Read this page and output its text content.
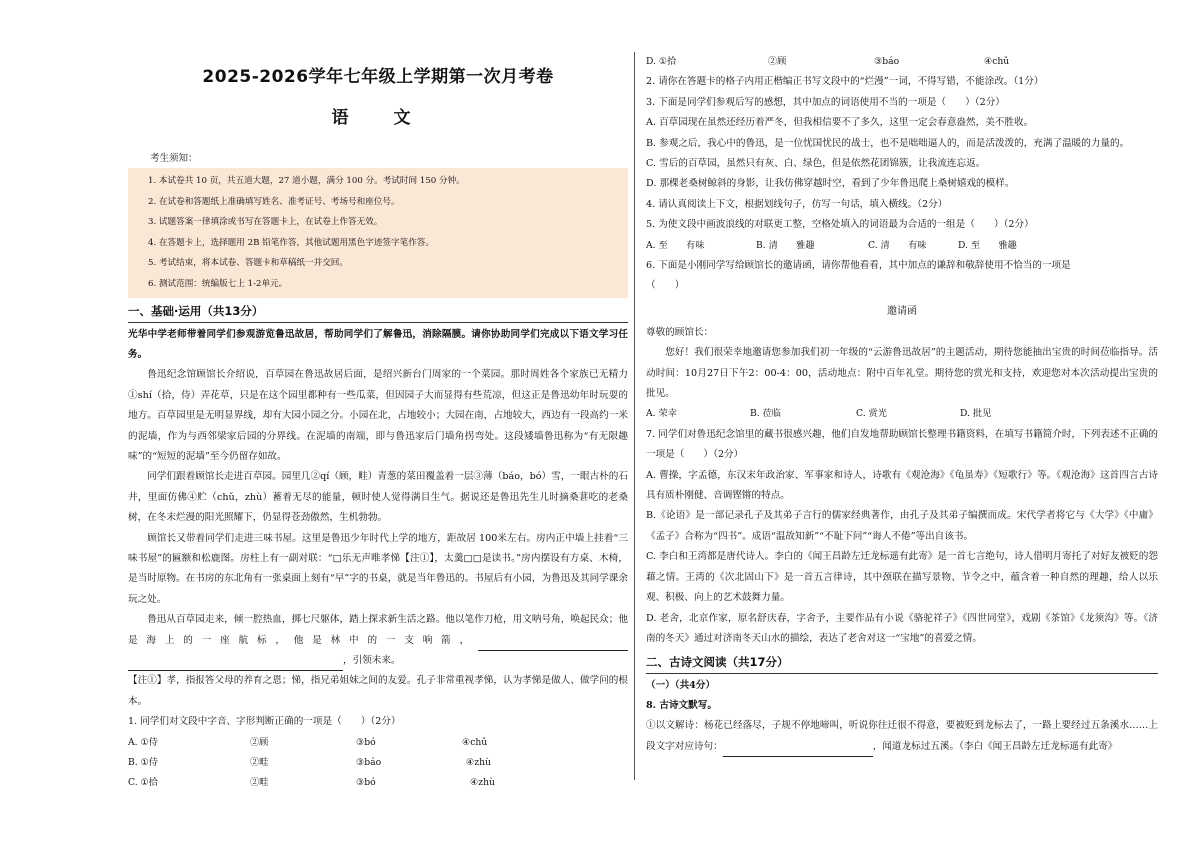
2025-2026学年七年级上学期第一次月考卷
语　文
考生须知：
1. 本试卷共 10 页，共五道大题，27 道小题，满分 100 分。考试时间 150 分钟。
2. 在试卷和答题纸上准确填写姓名、准考证号、考场号和座位号。
3. 试题答案一律填涂或书写在答题卡上，在试卷上作答无效。
4. 在答题卡上，选择题用 2B 铅笔作答，其他试题用黑色字迹签字笔作答。
5. 考试结束，将本试卷、答题卡和草稿纸一并交回。
6. 测试范围：统编版七上 1-2单元。
一、基础·运用（共13分）
光华中学老师带着同学们参观游览鲁迅故居，帮助同学们了解鲁迅，消除隔膜。请你协助同学们完成以下语文学习任务。
鲁迅纪念馆顾馆长介绍说，百草园在鲁迅故居后面，是绍兴新台门周家的一个菜园。那时周姓各个家族已无精力①shí（拾，侍）弄花草，只是在这个园里都种有一些瓜菜，但因园子大而显得有些荒凉，但这正是鲁迅幼年时玩耍的地方。百草园里是无明显界线，却有大园小园之分。小园在北，占地较小；大园在南，占地较大，西边有一段高约一米的泥墙，作为与西邻梁家后园的分界线。在泥墙的南端，即与鲁迅家后门墙角拐弯处。这段矮墙鲁迅称为“有无限趣味”的“短短的泥墙”至今仍留存如故。
同学们跟着顾馆长走进百草园。园里几②qí（顾，畦）青葱的菜田覆盖着一层③薄（báo，bó）雪，一眼古朴的石井，里面仿佛④贮（chǔ，zhù）蓄着无尽的能量，顿时使人觉得满目生气。据说还是鲁迅先生儿时摘桑葚吃的老桑树，在冬末烂漫的阳光照耀下，仍显得苍劲傲然，生机勃勃。
顾馆长又带着同学们走进三味书屋。这里是鲁迅少年时代上学的地方，距故居 100米左右。房内正中墙上挂着“三味书屋”的匾额和松鹿图。房柱上有一副对联：“□乐无声唯孝悌【注①】，太羹□□是读书。”房内摆设有方桌、木椅，是当时原物。在书房的东北角有一张桌面上刻有“早”字的书桌，就是当年鲁迅的。书屋后有小园，为鲁迅及其同学课余玩之处。
鲁迅从百草园走来，倾一腔热血，掷七尺躯体，踏上探求新生活之路。他以笔作刀枪，用文呐号角，唤起民众；他是海上的一座航标，他是林中的一支响箭，，引领未来。
【注①】孝，指报答父母的养育之恩；悌，指兄弟姐妹之间的友爱。孔子非常重视孝悌，认为孝悌是做人、做学问的根本。
1. 同学们对文段中字音、字形判断正确的一项是（　　）（2分）
A. ①侍	②顾	③bó	④chǔ
B. ①侍	②畦	③báo	④zhù
C. ①拾	②畦	③bó	④zhù
D. ①拾	②顾	③báo	④chǔ
2. 请你在答题卡的格子内用正楷编正书写文段中的“烂漫”一词，不得写错，不能涂改。（1分）
3. 下面是同学们参观后写的感想，其中加点的词语使用不当的一项是（　　）（2分）
A. 百草园现在虽然还经历着严冬，但我相信要不了多久，这里一定会春意盎然，美不胜收。
B. 参观之后，我心中的鲁迅，是一位忧国忧民的战士，也不是咄咄逼人的，而是活泼泼的，充满了温暖的力量的。
C. 雪后的百草园，虽然只有灰、白、绿色，但是依然花团锦簇，让我流连忘返。
D. 那棵老桑树鲸斜的身影，让我仿佛穿越时空，看到了少年鲁迅爬上桑树嬉戏的模样。
4. 请认真阅读上下文，根据划线句子，仿写一句话，填入横线。（2分）
5. 为使文段中画波浪线的对联更工整，空格处填入的词语最为合适的一组是（　　）（2分）
A. 至　　有味	B. 清　　雅趣	C. 清　　有味	D. 至　　雅趣
6. 下面是小刚同学写给顾馆长的邀请函，请你帮他看看，其中加点的谦辞和敬辞使用不恰当的一项是
（　　）
邀请函
尊敬的顾馆长：
您好！我们很荣幸地邀请您参加我们初一年级的“云游鲁迅故居”的主题活动，期待您能抽出宝贵的时间莅临指导。活动时间：10月27日下午2：00-4：00，活动地点：附中百年礼堂。期待您的赏光和支持，欢迎您对本次活动提出宝贵的批见。
A. 荣幸	B. 莅临	C. 赏光	D. 批见
7. 同学们对鲁迅纪念馆里的藏书很感兴趣，他们自发地帮助顾馆长整理书籍资料，在填写书籍简介时，下列表述不正确的一项是（　　）（2分）
A. 曹操，字孟德，东汉末年政治家、军事家和诗人，诗歌有《观沧海》《龟虽寿》《短歌行》等。《观沧海》这首四言古诗具有质朴刚健、音调铿锵的特点。
B.《论语》是一部记录孔子及其弟子言行的儒家经典著作，由孔子及其弟子编撰而成。宋代学者将它与《大学》《中庸》《孟子》合称为“四书”。成语“温故知新”“不耻下问”“诲人不倦”等出自该书。
C. 李白和王湾都是唐代诗人。李白的《闻王昌龄左迁龙标遥有此寄》是一首七言绝句，诗人借明月寄托了对好友被贬的怨藉之情。王湾的《次北固山下》是一首五言律诗，其中颈联在描写景物、节令之中，蕴含着一种自然的理趣，给人以乐观、积极、向上的艺术鼓舞力量。
D. 老舍，北京作家，原名舒庆春，字舍予，主要作品有小说《骆驼祥子》《四世同堂》，戏剧《茶馆》《龙须沟》等。《济南的冬天》通过对济南冬天山水的描绘，表达了老舍对这一“宝地”的喜爱之情。
二、古诗文阅读（共17分）
（一）（共4分）
8. 古诗文默写。
①以文解诗：杨花已经落尽，子规不停地啼叫，听说你往迁很不得意，要被贬到龙标去了，一路上要经过五条溪水……上段文字对应诗句：	，闻道龙标过五溪。（李白《闻王昌龄左迁龙标遥有此寄》
